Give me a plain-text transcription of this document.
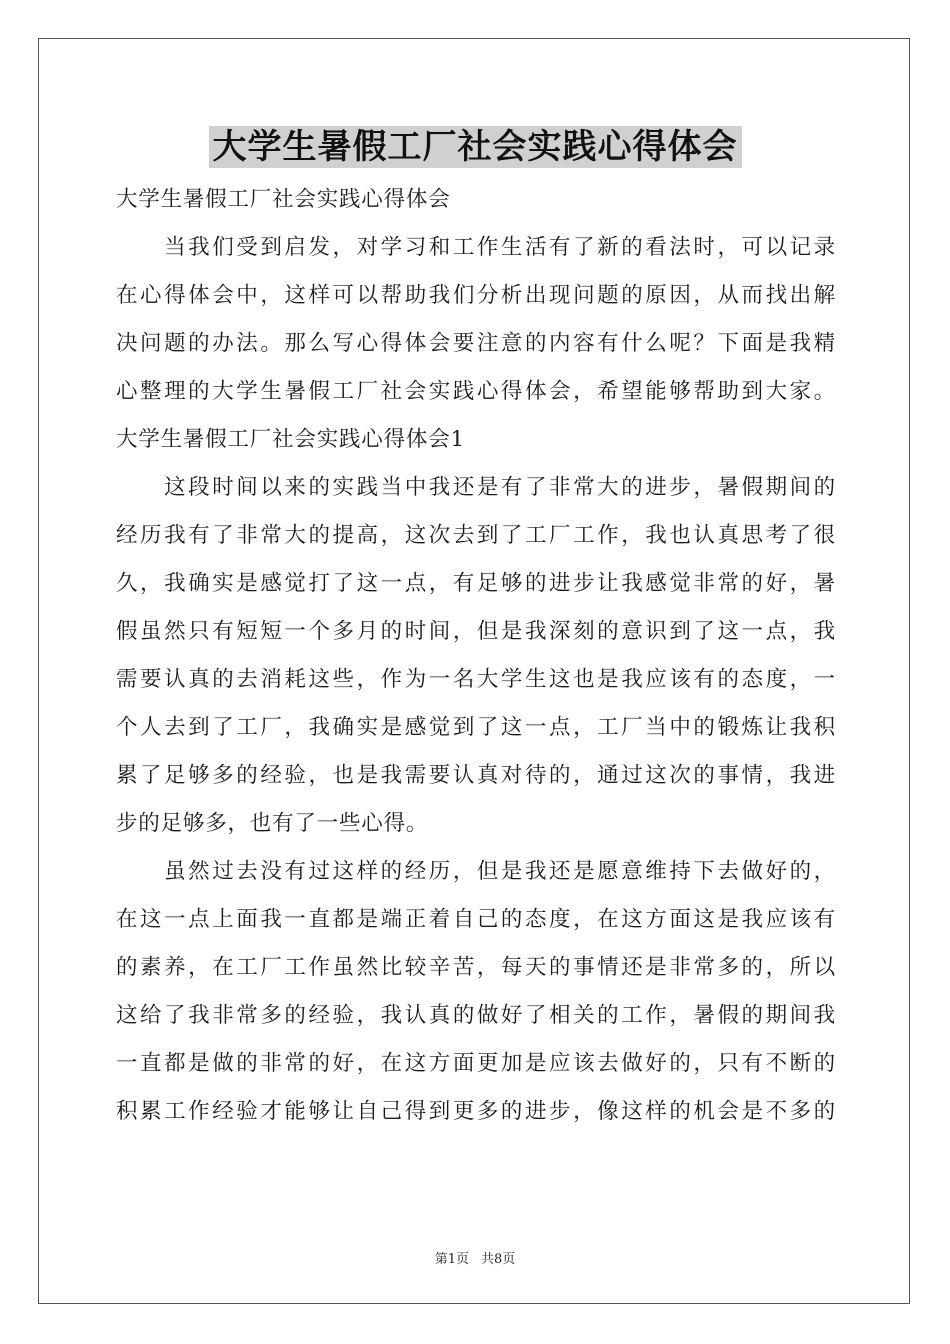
大学生暑假工厂社会实践心得体会
大学生暑假工厂社会实践心得体会
　　当我们受到启发，对学习和工作生活有了新的看法时，可以记录
在心得体会中，这样可以帮助我们分析出现问题的原因，从而找出解
决问题的办法。那么写心得体会要注意的内容有什么呢？下面是我精
心整理的大学生暑假工厂社会实践心得体会，希望能够帮助到大家。
大学生暑假工厂社会实践心得体会1
　　这段时间以来的实践当中我还是有了非常大的进步，暑假期间的
经历我有了非常大的提高，这次去到了工厂工作，我也认真思考了很
久，我确实是感觉打了这一点，有足够的进步让我感觉非常的好，暑
假虽然只有短短一个多月的时间，但是我深刻的意识到了这一点，我
需要认真的去消耗这些，作为一名大学生这也是我应该有的态度，一
个人去到了工厂，我确实是感觉到了这一点，工厂当中的锻炼让我积
累了足够多的经验，也是我需要认真对待的，通过这次的事情，我进
步的足够多，也有了一些心得。
　　虽然过去没有过这样的经历，但是我还是愿意维持下去做好的，
在这一点上面我一直都是端正着自己的态度，在这方面这是我应该有
的素养，在工厂工作虽然比较辛苦，每天的事情还是非常多的，所以
这给了我非常多的经验，我认真的做好了相关的工作，暑假的期间我
一直都是做的非常的好，在这方面更加是应该去做好的，只有不断的
积累工作经验才能够让自己得到更多的进步，像这样的机会是不多的
第1页 共8页
